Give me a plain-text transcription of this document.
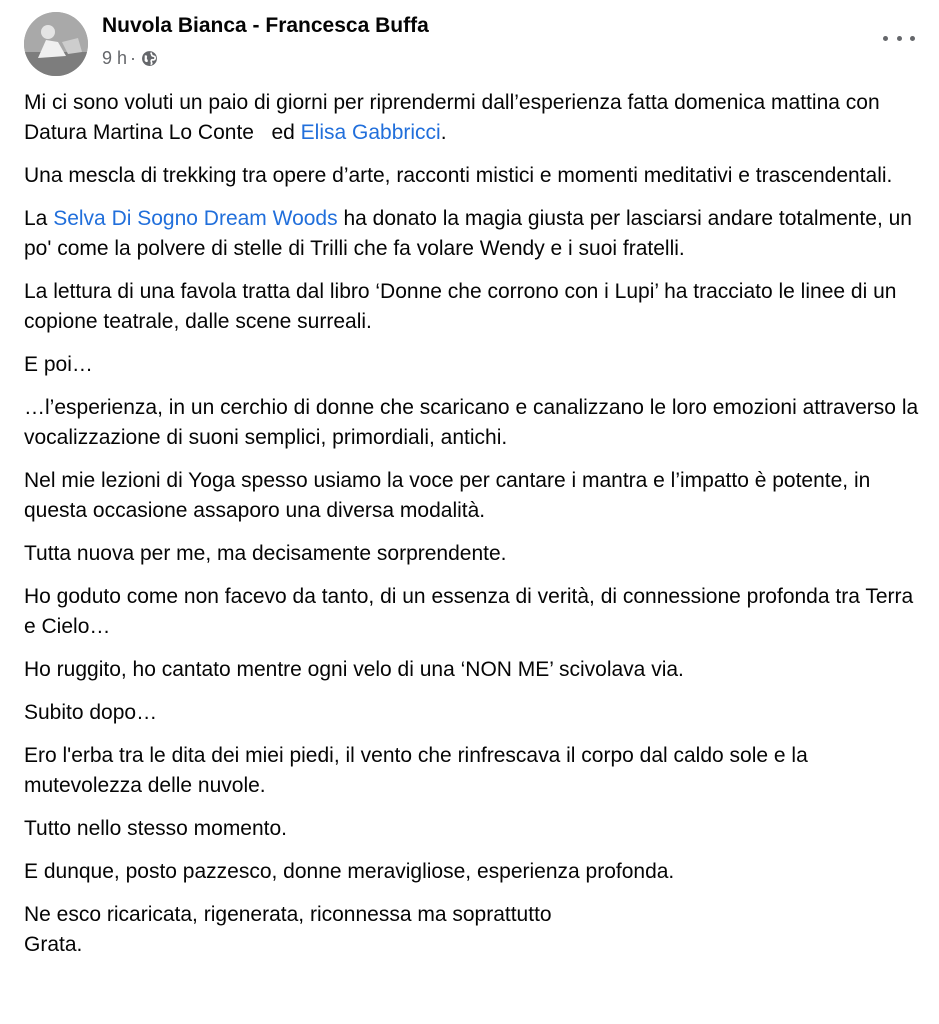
Nuvola Bianca - Francesca Buffa
9 h ·

Mi ci sono voluti un paio di giorni per riprendermi dall’esperienza fatta domenica mattina con Datura Martina Lo Conte   ed Elisa Gabbricci.

Una mescla di trekking tra opere d’arte, racconti mistici e momenti meditativi e trascendentali.

La Selva Di Sogno Dream Woods ha donato la magia giusta per lasciarsi andare totalmente, un po' come la polvere di stelle di Trilli che fa volare Wendy e i suoi fratelli.

La lettura di una favola tratta dal libro ‘Donne che corrono con i Lupi’ ha tracciato le linee di un copione teatrale, dalle scene surreali.

E poi…

…l’esperienza, in un cerchio di donne che scaricano e canalizzano le loro emozioni attraverso la vocalizzazione di suoni semplici, primordiali, antichi.

Nel mie lezioni di Yoga spesso usiamo la voce per cantare i mantra e l’impatto è potente, in questa occasione assaporo una diversa modalità.

Tutta nuova per me, ma decisamente sorprendente.

Ho goduto come non facevo da tanto, di un essenza di verità, di connessione profonda tra Terra e Cielo…

Ho ruggito, ho cantato mentre ogni velo di una ‘NON ME’ scivolava via.

Subito dopo…

Ero l'erba tra le dita dei miei piedi, il vento che rinfrescava il corpo dal caldo sole e la mutevolezza delle nuvole.

Tutto nello stesso momento.

E dunque, posto pazzesco, donne meravigliose, esperienza profonda.

Ne esco ricaricata, rigenerata, riconnessa ma soprattutto
Grata.
